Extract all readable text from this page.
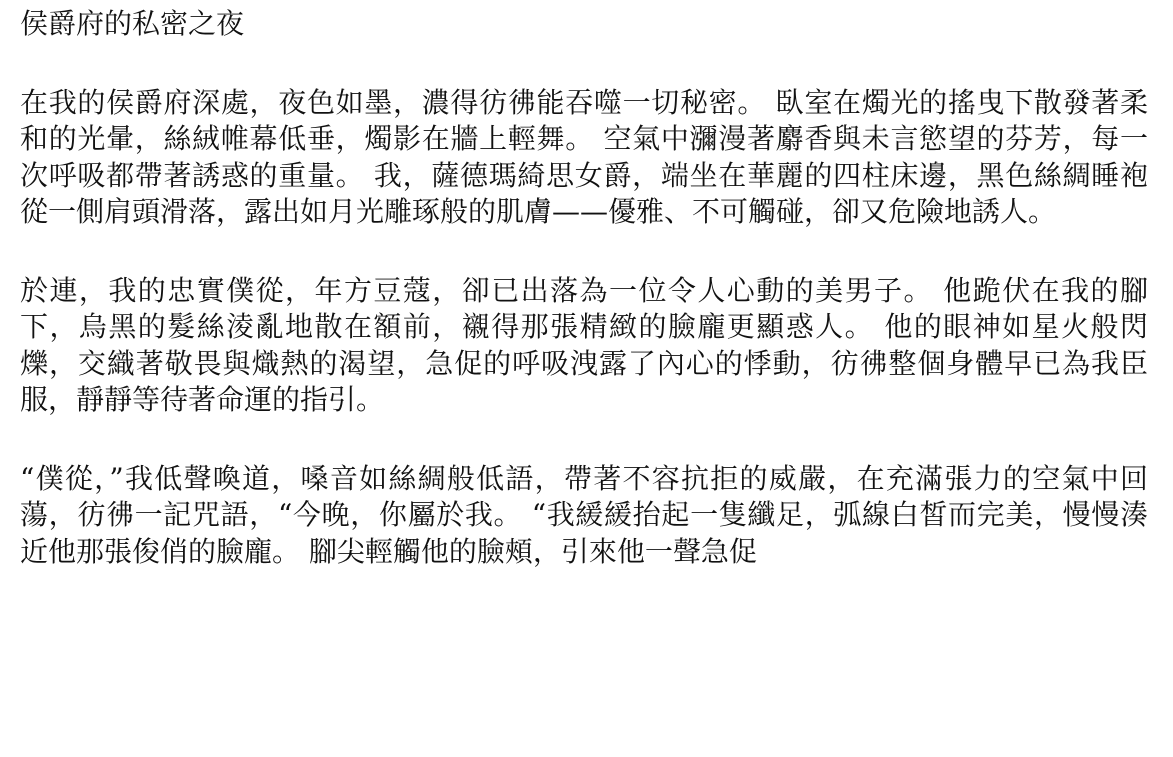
侯爵府的私密之夜

在我的侯爵府深處，夜色如墨，濃得彷彿能吞噬一切秘密。 臥室在燭光的搖曳下散發著柔和的光暈，絲絨帷幕低垂，燭影在牆上輕舞。 空氣中瀰漫著麝香與未言慾望的芬芳，每一次呼吸都帶著誘惑的重量。 我，薩德瑪綺思女爵，端坐在華麗的四柱床邊，黑色絲綢睡袍從一側肩頭滑落，露出如月光雕琢般的肌膚——優雅、不可觸碰，卻又危險地誘人。

於連，我的忠實僕從，年方豆蔻，卻已出落為一位令人心動的美男子。 他跪伏在我的腳下，烏黑的髮絲淩亂地散在額前，襯得那張精緻的臉龐更顯惑人。 他的眼神如星火般閃爍，交織著敬畏與熾熱的渴望，急促的呼吸洩露了內心的悸動，彷彿整個身體早已為我臣服，靜靜等待著命運的指引。

“僕從，”我低聲喚道，嗓音如絲綢般低語，帶著不容抗拒的威嚴，在充滿張力的空氣中回蕩，彷彿一記咒語，“今晚，你屬於我。 “我緩緩抬起一隻纖足，弧線白皙而完美，慢慢湊近他那張俊俏的臉龐。 腳尖輕觸他的臉頰，引來他一聲急促
